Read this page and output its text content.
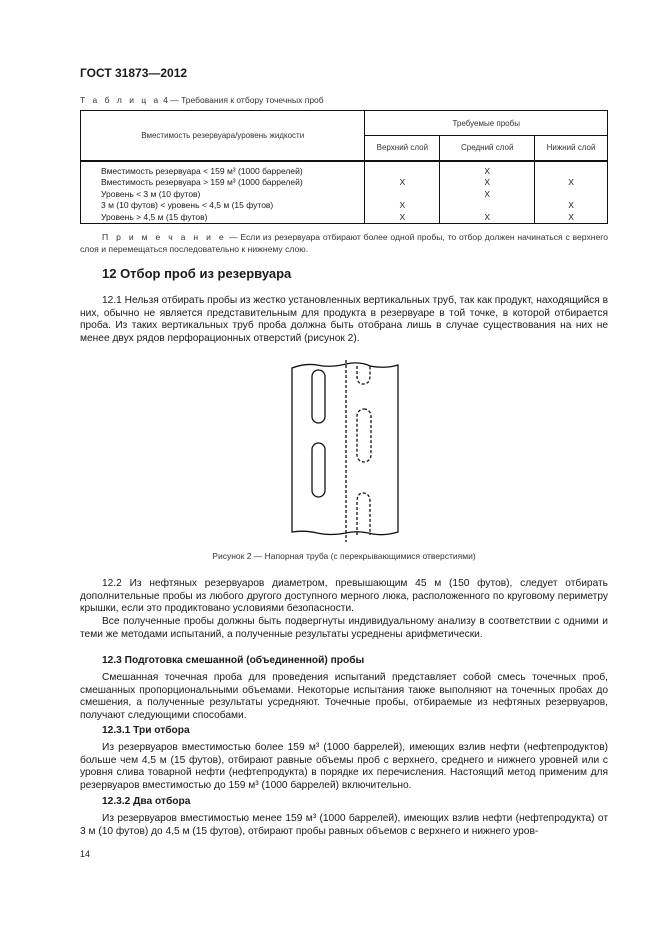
ГОСТ 31873—2012
Т а б л и ц а 4 — Требования к отбору точечных проб
Вместимость резервуара/уровень жидкости	Требуемые пробы		
	Верхний слой	Средний слой	Нижний слой
Вместимость резервуара < 159 м³ (1000 баррелей)		X	
Вместимость резервуара > 159 м³ (1000 баррелей)	X	X	X
Уровень < 3 м (10 футов)		X	
3 м (10 футов) < уровень < 4,5 м (15 футов)	X		X
Уровень > 4,5 м (15 футов)	X	X	X
П р и м е ч а н и е — Если из резервуара отбирают более одной пробы, то отбор должен начинаться с верхнего слоя и перемещаться последовательно к нижнему слою.
12 Отбор проб из резервуара
12.1 Нельзя отбирать пробы из жестко установленных вертикальных труб, так как продукт, находящийся в них, обычно не является представительным для продукта в резервуаре в той точке, в которой отбирается проба. Из таких вертикальных труб проба должна быть отобрана лишь в случае существования на них не менее двух рядов перфорационных отверстий (рисунок 2).
Рисунок 2 — Напорная труба (с перекрывающимися отверстиями)
12.2 Из нефтяных резервуаров диаметром, превышающим 45 м (150 футов), следует отбирать дополнительные пробы из любого другого доступного мерного люка, расположенного по круговому периметру крышки, если это продиктовано условиями безопасности.
Все полученные пробы должны быть подвергнуты индивидуальному анализу в соответствии с одними и теми же методами испытаний, а полученные результаты усреднены арифметически.
12.3 Подготовка смешанной (объединенной) пробы
Смешанная точечная проба для проведения испытаний представляет собой смесь точечных проб, смешанных пропорциональными объемами. Некоторые испытания также выполняют на точечных пробах до смешения, а полученные результаты усредняют. Точечные пробы, отбираемые из нефтяных резервуаров, получают следующими способами.
12.3.1 Три отбора
Из резервуаров вместимостью более 159 м³ (1000 баррелей), имеющих взлив нефти (нефтепродуктов) больше чем 4,5 м (15 футов), отбирают равные объемы проб с верхнего, среднего и нижнего уровней или с уровня слива товарной нефти (нефтепродукта) в порядке их перечисления. Настоящий метод применим для резервуаров вместимостью до 159 м³ (1000 баррелей) включительно.
12.3.2 Два отбора
Из резервуаров вместимостью менее 159 м³ (1000 баррелей), имеющих взлив нефти (нефтепродукта) от 3 м (10 футов) до 4,5 м (15 футов), отбирают пробы равных объемов с верхнего и нижнего уров-
14
